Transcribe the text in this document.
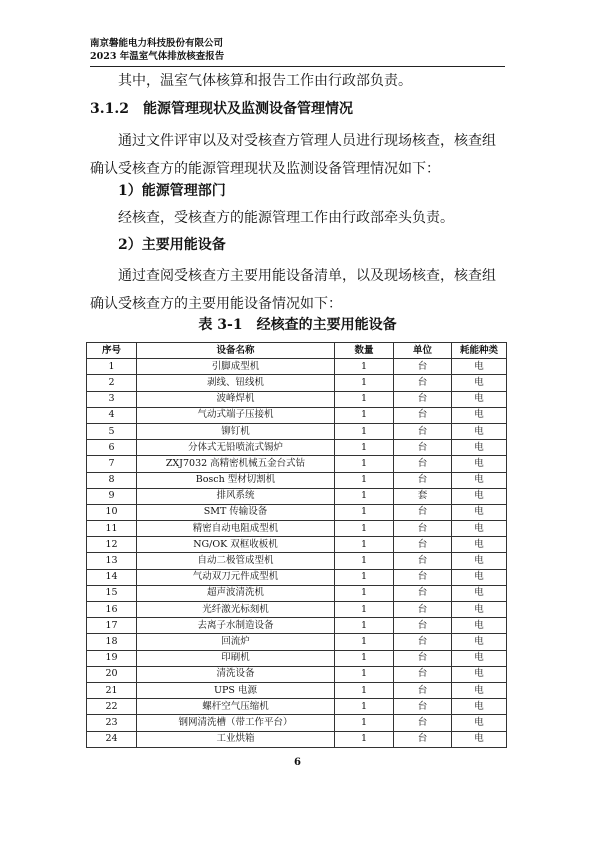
南京磐能电力科技股份有限公司
2023 年温室气体排放核查报告
其中，温室气体核算和报告工作由行政部负责。
3.1.2 能源管理现状及监测设备管理情况
通过文件评审以及对受核查方管理人员进行现场核查，核查组确认受核查方的能源管理现状及监测设备管理情况如下：
1）能源管理部门
经核查，受核查方的能源管理工作由行政部牵头负责。
2）主要用能设备
通过查阅受核查方主要用能设备清单，以及现场核查，核查组确认受核查方的主要用能设备情况如下：
表 3-1 经核查的主要用能设备
序号	设备名称	数量	单位	耗能种类
1	引脚成型机	1	台	电
2	剥线、钮线机	1	台	电
3	波峰焊机	1	台	电
4	气动式端子压接机	1	台	电
5	铆钉机	1	台	电
6	分体式无铅喷流式锡炉	1	台	电
7	ZXJ7032 高精密机械五金台式钻	1	台	电
8	Bosch 型材切割机	1	台	电
9	排风系统	1	套	电
10	SMT 传输设备	1	台	电
11	精密自动电阻成型机	1	台	电
12	NG/OK 双框收板机	1	台	电
13	自动二极管成型机	1	台	电
14	气动双刀元件成型机	1	台	电
15	超声波清洗机	1	台	电
16	光纤激光标刻机	1	台	电
17	去离子水制造设备	1	台	电
18	回流炉	1	台	电
19	印刷机	1	台	电
20	清洗设备	1	台	电
21	UPS 电源	1	台	电
22	螺杆空气压缩机	1	台	电
23	钢网清洗槽（带工作平台）	1	台	电
24	工业烘箱	1	台	电
6
